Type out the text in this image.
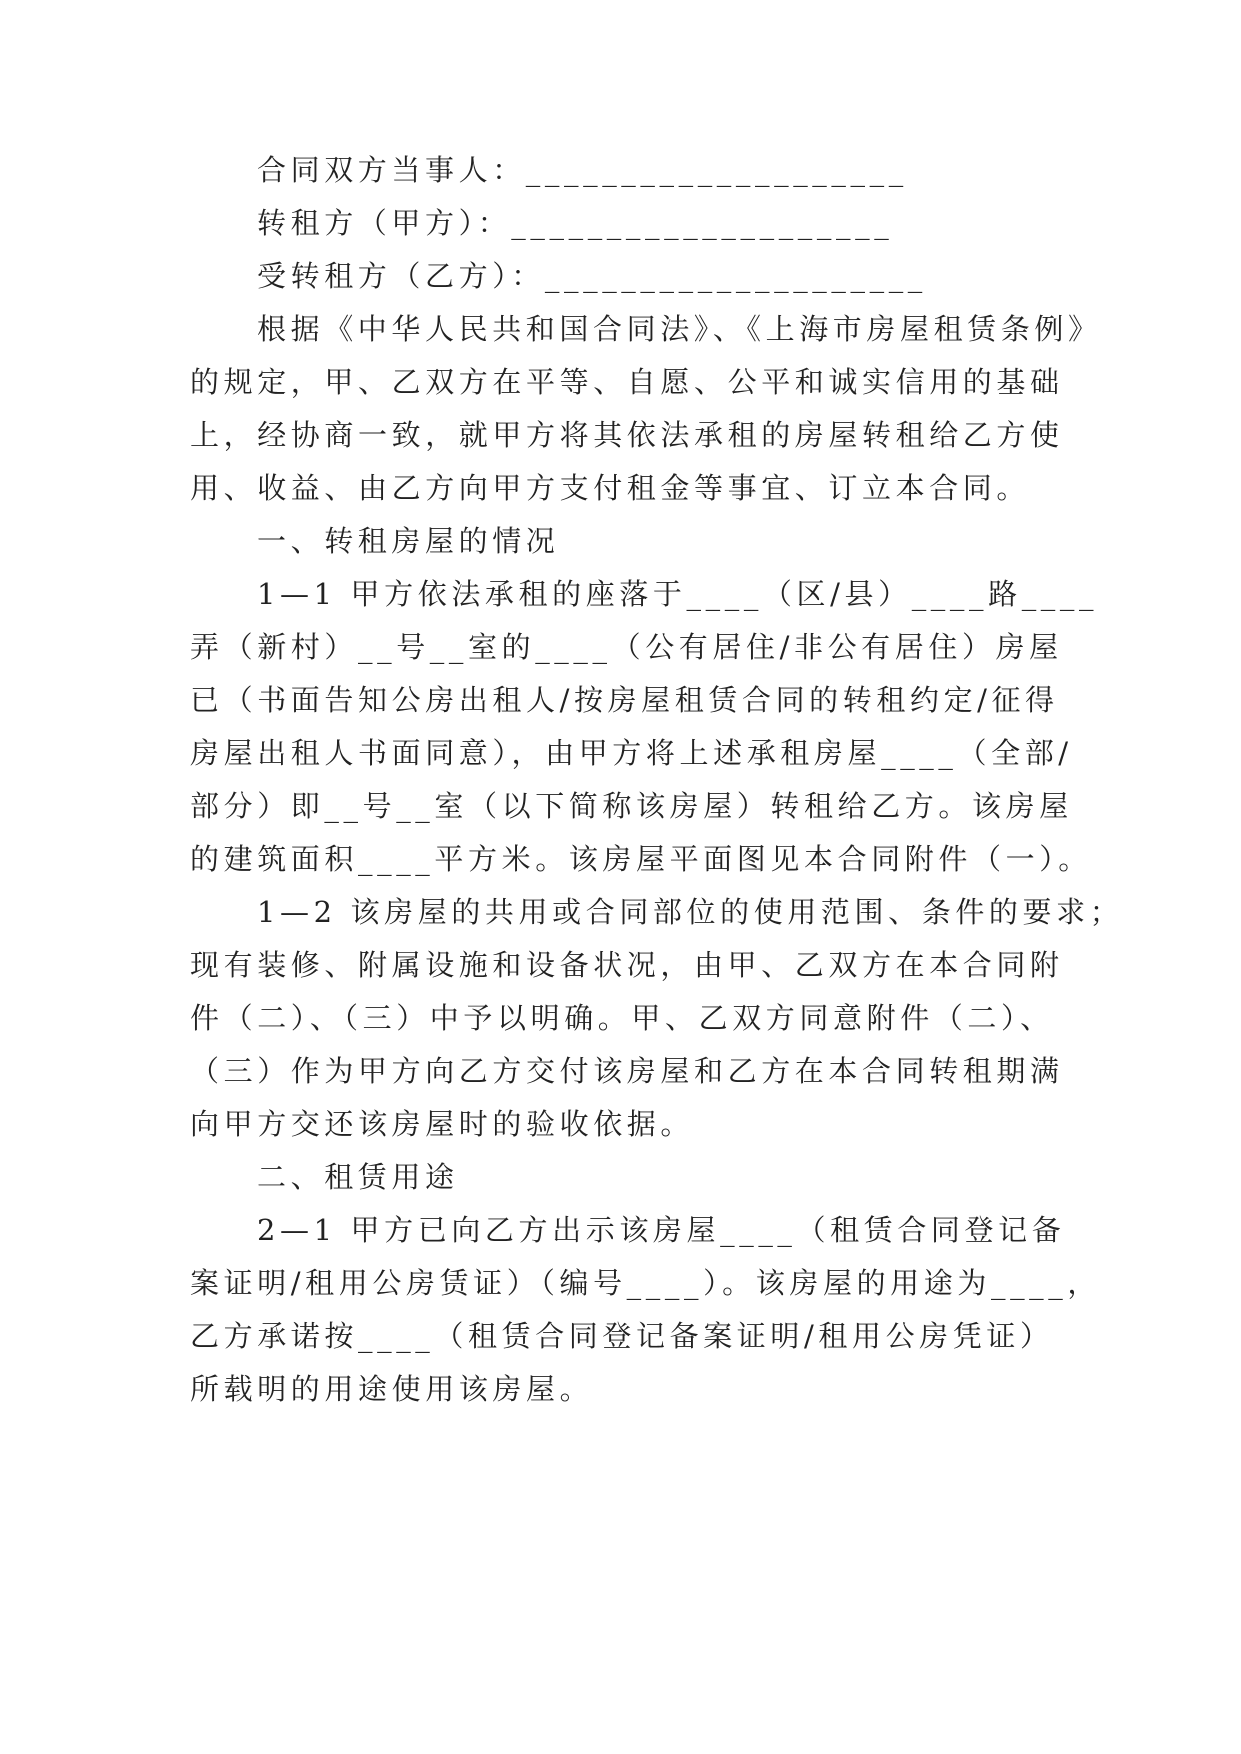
合同双方当事人：____________________
转租方（甲方）：____________________
受转租方（乙方）：____________________
根据《中华人民共和国合同法》、《上海市房屋租赁条例》
的规定，甲、乙双方在平等、自愿、公平和诚实信用的基础
上，经协商一致，就甲方将其依法承租的房屋转租给乙方使
用、收益、由乙方向甲方支付租金等事宜、订立本合同。
一、转租房屋的情况
1—1 甲方依法承租的座落于____（区/县）____路____
弄（新村）__号__室的____（公有居住/非公有居住）房屋
已（书面告知公房出租人/按房屋租赁合同的转租约定/征得
房屋出租人书面同意），由甲方将上述承租房屋____（全部/
部分）即__号__室（以下简称该房屋）转租给乙方。该房屋
的建筑面积____平方米。该房屋平面图见本合同附件（一）。
1—2 该房屋的共用或合同部位的使用范围、条件的要求；
现有装修、附属设施和设备状况，由甲、乙双方在本合同附
件（二）、（三）中予以明确。甲、乙双方同意附件（二）、
（三）作为甲方向乙方交付该房屋和乙方在本合同转租期满
向甲方交还该房屋时的验收依据。
二、租赁用途
2—1 甲方已向乙方出示该房屋____（租赁合同登记备
案证明/租用公房赁证）（编号____）。该房屋的用途为____，
乙方承诺按____（租赁合同登记备案证明/租用公房凭证）
所载明的用途使用该房屋。
